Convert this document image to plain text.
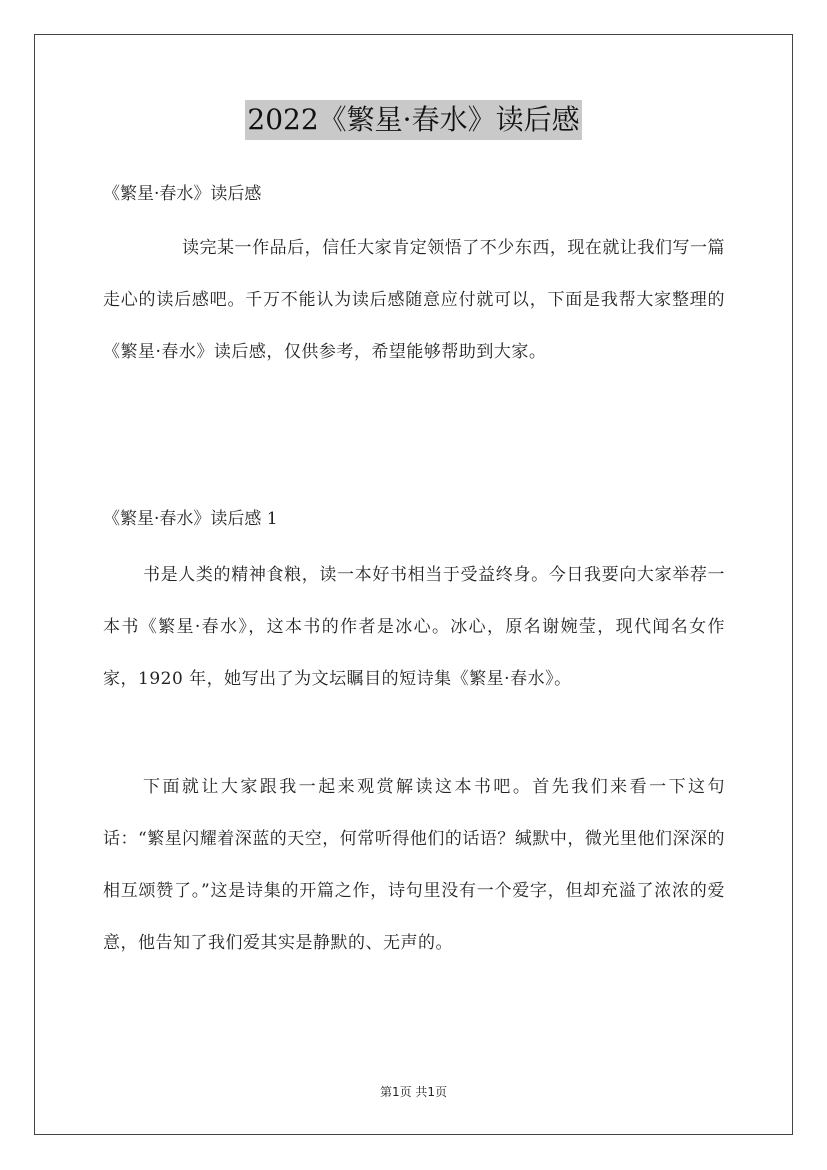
2022《繁星·春水》读后感
《繁星·春水》读后感

读完某一作品后，信任大家肯定领悟了不少东西，现在就让我们写一篇走心的读后感吧。千万不能认为读后感随意应付就可以，下面是我帮大家整理的《繁星·春水》读后感，仅供参考，希望能够帮助到大家。

《繁星·春水》读后感 1

书是人类的精神食粮，读一本好书相当于受益终身。今日我要向大家举荐一本书《繁星·春水》，这本书的作者是冰心。冰心，原名谢婉莹，现代闻名女作家，1920 年，她写出了为文坛瞩目的短诗集《繁星·春水》。

下面就让大家跟我一起来观赏解读这本书吧。首先我们来看一下这句话：“繁星闪耀着深蓝的天空，何常听得他们的话语？缄默中，微光里他们深深的相互颂赞了。”这是诗集的开篇之作，诗句里没有一个爱字，但却充溢了浓浓的爱意，他告知了我们爱其实是静默的、无声的。

第1页 共1页
